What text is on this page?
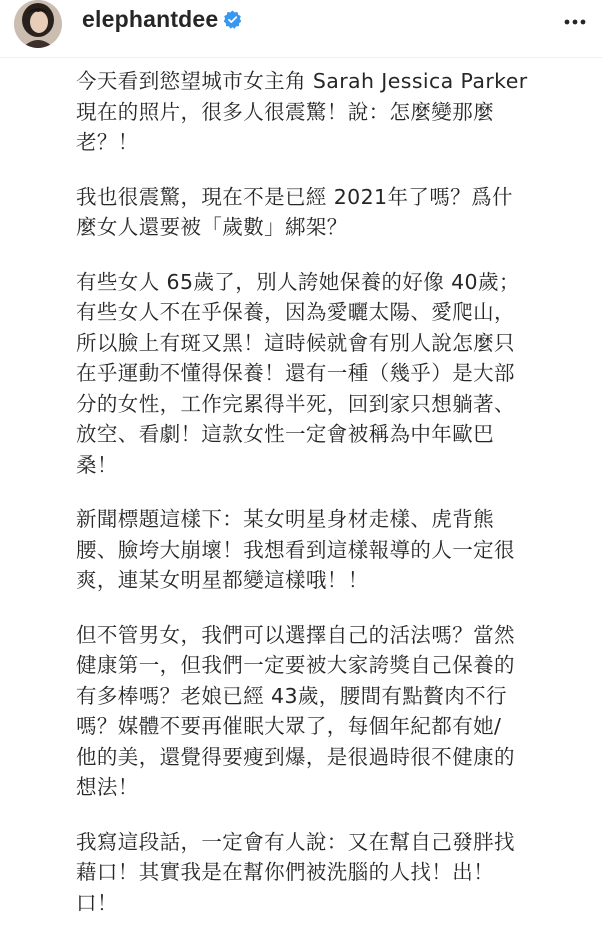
elephantdee

今天看到慾望城市女主角 Sarah Jessica Parker
現在的照片，很多人很震驚！說：怎麼變那麼
老？！

我也很震驚，現在不是已經 2021年了嗎？爲什
麼女人還要被「歲數」綁架？

有些女人 65歲了，別人誇她保養的好像 40歲；
有些女人不在乎保養，因為愛曬太陽、愛爬山，
所以臉上有斑又黑！這時候就會有別人說怎麼只
在乎運動不懂得保養！還有一種（幾乎）是大部
分的女性，工作完累得半死，回到家只想躺著、
放空、看劇！這款女性一定會被稱為中年歐巴
桑！

新聞標題這樣下：某女明星身材走樣、虎背熊
腰、臉垮大崩壞！我想看到這樣報導的人一定很
爽，連某女明星都變這樣哦！！

但不管男女，我們可以選擇自己的活法嗎？當然
健康第一，但我們一定要被大家誇獎自己保養的
有多棒嗎？老娘已經 43歲，腰間有點贅肉不行
嗎？媒體不要再催眠大眾了，每個年紀都有她/
他的美，還覺得要瘦到爆，是很過時很不健康的
想法！

我寫這段話，一定會有人說：又在幫自己發胖找
藉口！其實我是在幫你們被洗腦的人找！出！
口！
